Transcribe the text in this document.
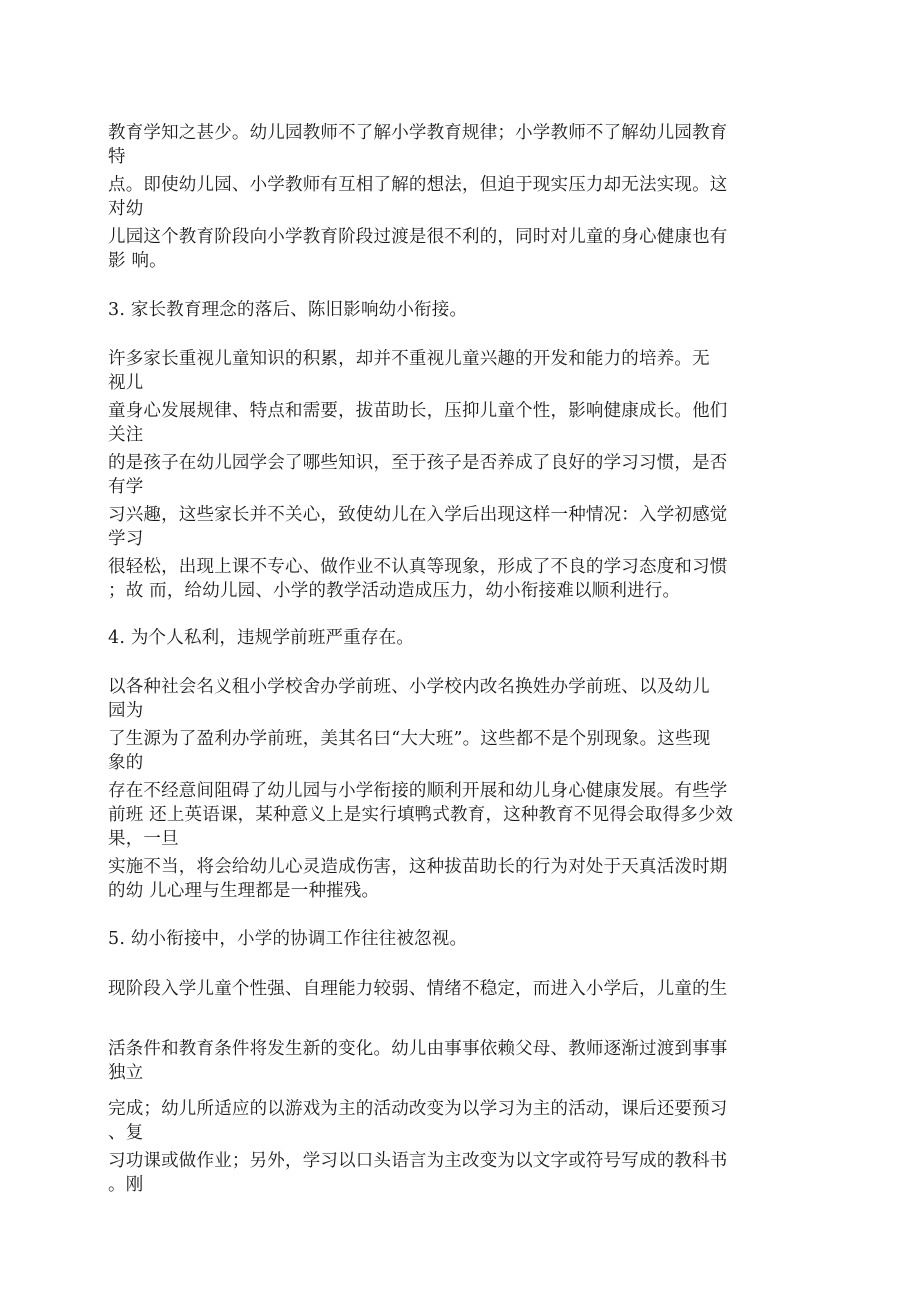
教育学知之甚少。幼儿园教师不了解小学教育规律；小学教师不了解幼儿园教育
特
点。即使幼儿园、小学教师有互相了解的想法，但迫于现实压力却无法实现。这
对幼
儿园这个教育阶段向小学教育阶段过渡是很不利的，同时对儿童的身心健康也有
影 响。
3. 家长教育理念的落后、陈旧影响幼小衔接。
许多家长重视儿童知识的积累，却并不重视儿童兴趣的开发和能力的培养。无
视儿
童身心发展规律、特点和需要，拔苗助长，压抑儿童个性，影响健康成长。他们
关注
的是孩子在幼儿园学会了哪些知识，至于孩子是否养成了良好的学习习惯，是否
有学
习兴趣，这些家长并不关心，致使幼儿在入学后出现这样一种情况：入学初感觉
学习
很轻松，出现上课不专心、做作业不认真等现象，形成了不良的学习态度和习惯
；故 而，给幼儿园、小学的教学活动造成压力，幼小衔接难以顺利进行。
4. 为个人私利，违规学前班严重存在。
以各种社会名义租小学校舍办学前班、小学校内改名换姓办学前班、以及幼儿
园为
了生源为了盈利办学前班，美其名曰“大大班”。这些都不是个别现象。这些现
象的
存在不经意间阻碍了幼儿园与小学衔接的顺利开展和幼儿身心健康发展。有些学
前班 还上英语课，某种意义上是实行填鸭式教育，这种教育不见得会取得多少效
果，一旦
实施不当，将会给幼儿心灵造成伤害，这种拔苗助长的行为对处于天真活泼时期
的幼 儿心理与生理都是一种摧残。
5. 幼小衔接中，小学的协调工作往往被忽视。
现阶段入学儿童个性强、自理能力较弱、情绪不稳定，而进入小学后，儿童的生
活条件和教育条件将发生新的变化。幼儿由事事依赖父母、教师逐渐过渡到事事
独立
完成；幼儿所适应的以游戏为主的活动改变为以学习为主的活动，课后还要预习
、复
习功课或做作业；另外，学习以口头语言为主改变为以文字或符号写成的教科书
。刚
